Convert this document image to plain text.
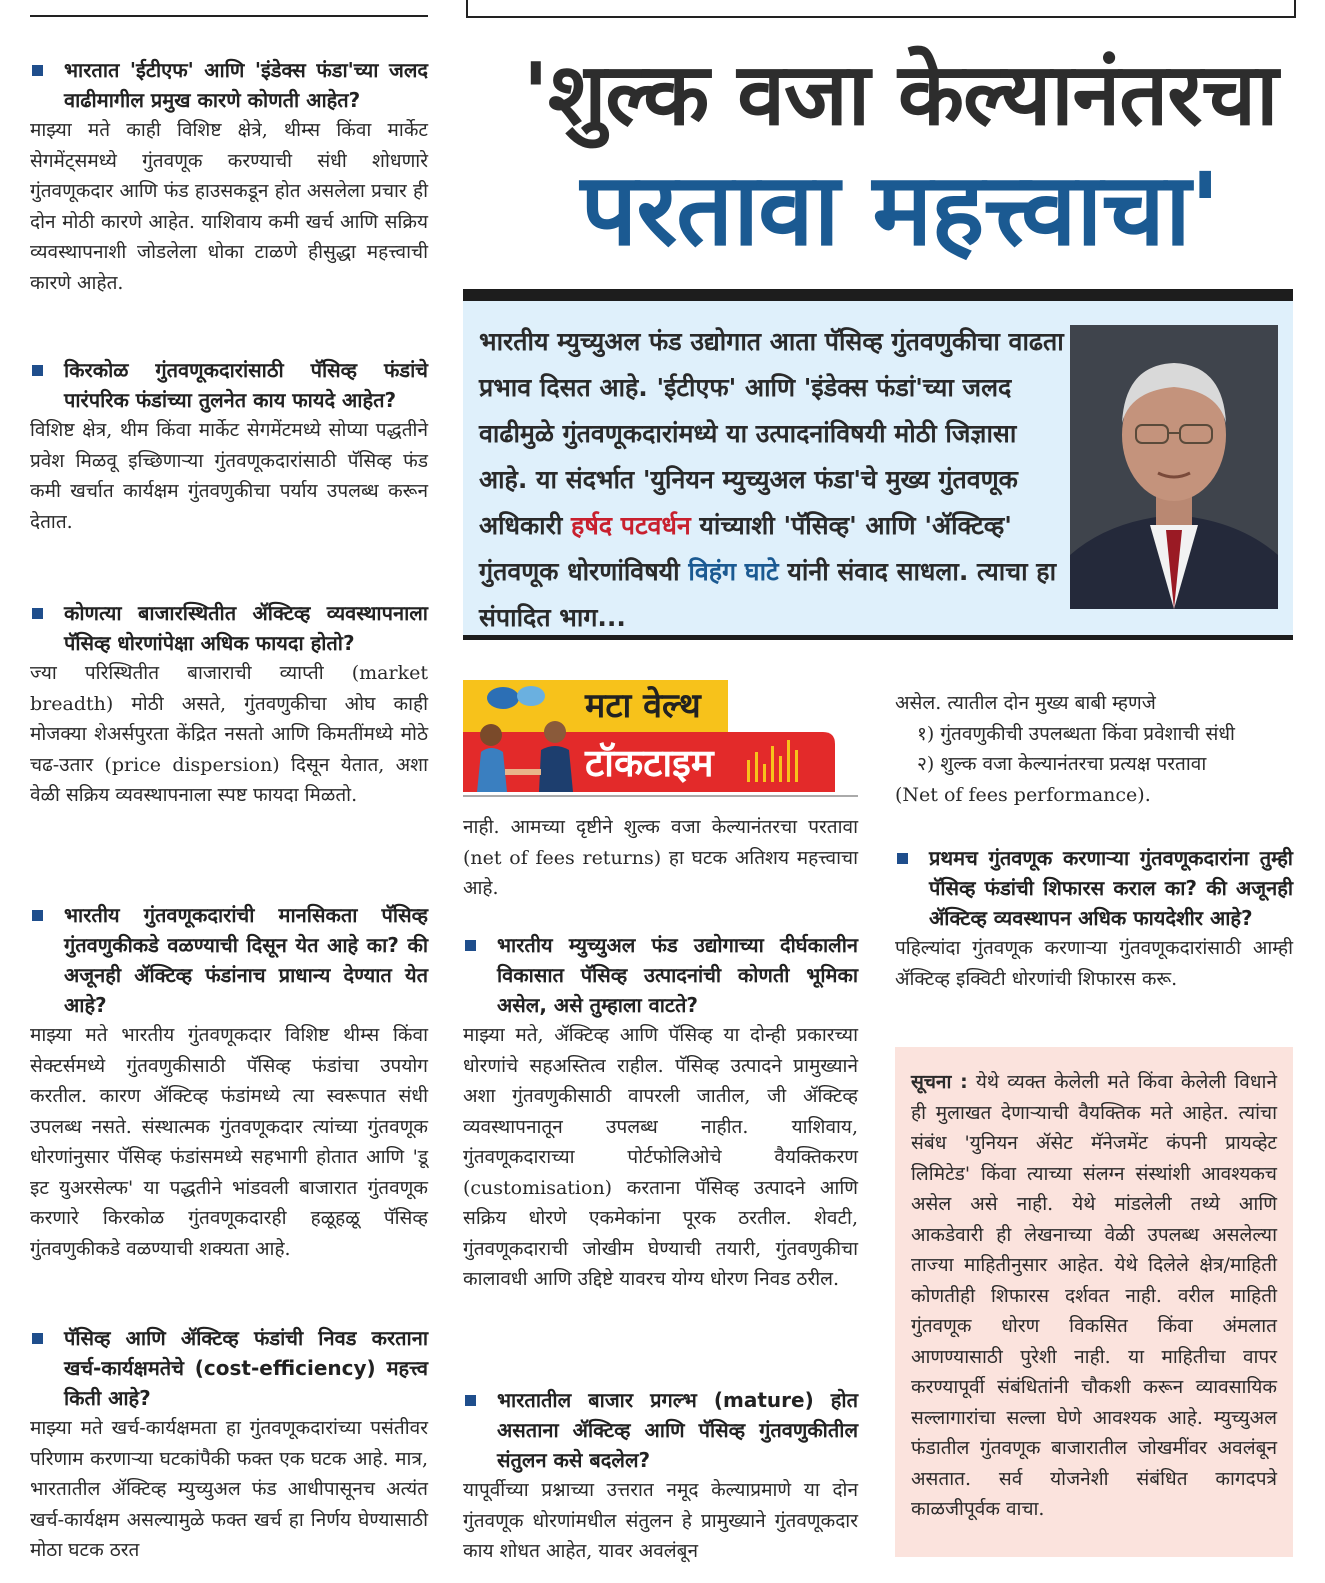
भारतात 'ईटीएफ' आणि 'इंडेक्स फंडा'च्या जलद वाढीमागील प्रमुख कारणे कोणती आहेत?
माझ्या मते काही विशिष्ट क्षेत्रे, थीम्स किंवा मार्केट सेगमेंट्समध्ये गुंतवणूक करण्याची संधी शोधणारे गुंतवणूकदार आणि फंड हाउसकडून होत असलेला प्रचार ही दोन मोठी कारणे आहेत. याशिवाय कमी खर्च आणि सक्रिय व्यवस्थापनाशी जोडलेला धोका टाळणे हीसुद्धा महत्त्वाची कारणे आहेत.
किरकोळ गुंतवणूकदारांसाठी पॅसिव्ह फंडांचे पारंपरिक फंडांच्या तुलनेत काय फायदे आहेत?
विशिष्ट क्षेत्र, थीम किंवा मार्केट सेगमेंटमध्ये सोप्या पद्धतीने प्रवेश मिळवू इच्छिणाऱ्या गुंतवणूकदारांसाठी पॅसिव्ह फंड कमी खर्चात कार्यक्षम गुंतवणुकीचा पर्याय उपलब्ध करून देतात.
कोणत्या बाजारस्थितीत ॲक्टिव्ह व्यवस्थापनाला पॅसिव्ह धोरणांपेक्षा अधिक फायदा होतो?
ज्या परिस्थितीत बाजाराची व्याप्ती (market breadth) मोठी असते, गुंतवणुकीचा ओघ काही मोजक्या शेअर्सपुरता केंद्रित नसतो आणि किमतींमध्ये मोठे चढ-उतार (price dispersion) दिसून येतात, अशा वेळी सक्रिय व्यवस्थापनाला स्पष्ट फायदा मिळतो.
भारतीय गुंतवणूकदारांची मानसिकता पॅसिव्ह गुंतवणुकीकडे वळण्याची दिसून येत आहे का? की अजूनही ॲक्टिव्ह फंडांनाच प्राधान्य देण्यात येत आहे?
माझ्या मते भारतीय गुंतवणूकदार विशिष्ट थीम्स किंवा सेक्टर्समध्ये गुंतवणुकीसाठी पॅसिव्ह फंडांचा उपयोग करतील. कारण ॲक्टिव्ह फंडांमध्ये त्या स्वरूपात संधी उपलब्ध नसते. संस्थात्मक गुंतवणूकदार त्यांच्या गुंतवणूक धोरणांनुसार पॅसिव्ह फंडांसमध्ये सहभागी होतात आणि 'डू इट युअरसेल्फ' या पद्धतीने भांडवली बाजारात गुंतवणूक करणारे किरकोळ गुंतवणूकदारही हळूहळू पॅसिव्ह गुंतवणुकीकडे वळण्याची शक्यता आहे.
पॅसिव्ह आणि ॲक्टिव्ह फंडांची निवड करताना खर्च-कार्यक्षमतेचे (cost-efficiency) महत्त्व किती आहे?
माझ्या मते खर्च-कार्यक्षमता हा गुंतवणूकदारांच्या पसंतीवर परिणाम करणाऱ्या घटकांपैकी फक्त एक घटक आहे. मात्र, भारतातील ॲक्टिव्ह म्युच्युअल फंड आधीपासूनच अत्यंत खर्च-कार्यक्षम असल्यामुळे फक्त खर्च हा निर्णय घेण्यासाठी मोठा घटक ठरत
'शुल्क वजा केल्यानंतरचा
परतावा महत्त्वाचा'
भारतीय म्युच्युअल फंड उद्योगात आता पॅसिव्ह गुंतवणुकीचा वाढता प्रभाव दिसत आहे. 'ईटीएफ' आणि 'इंडेक्स फंडां'च्या जलद वाढीमुळे गुंतवणूकदारांमध्ये या उत्पादनांविषयी मोठी जिज्ञासा आहे. या संदर्भात 'युनियन म्युच्युअल फंडा'चे मुख्य गुंतवणूक अधिकारी हर्षद पटवर्धन यांच्याशी 'पॅसिव्ह' आणि 'ॲक्टिव्ह' गुंतवणूक धोरणांविषयी विहंग घाटे यांनी संवाद साधला. त्याचा हा संपादित भाग...
मटा वेल्थ
टॉकटाइम
नाही. आमच्या दृष्टीने शुल्क वजा केल्यानंतरचा परतावा (net of fees returns) हा घटक अतिशय महत्त्वाचा आहे.
भारतीय म्युच्युअल फंड उद्योगाच्या दीर्घकालीन विकासात पॅसिव्ह उत्पादनांची कोणती भूमिका असेल, असे तुम्हाला वाटते?
माझ्या मते, ॲक्टिव्ह आणि पॅसिव्ह या दोन्ही प्रकारच्या धोरणांचे सहअस्तित्व राहील. पॅसिव्ह उत्पादने प्रामुख्याने अशा गुंतवणुकीसाठी वापरली जातील, जी ॲक्टिव्ह व्यवस्थापनातून उपलब्ध नाहीत. याशिवाय, गुंतवणूकदाराच्या पोर्टफोलिओचे वैयक्तिकरण (customisation) करताना पॅसिव्ह उत्पादने आणि सक्रिय धोरणे एकमेकांना पूरक ठरतील. शेवटी, गुंतवणूकदाराची जोखीम घेण्याची तयारी, गुंतवणुकीचा कालावधी आणि उद्दिष्टे यावरच योग्य धोरण निवड ठरील.
भारतातील बाजार प्रगल्भ (mature) होत असताना ॲक्टिव्ह आणि पॅसिव्ह गुंतवणुकीतील संतुलन कसे बदलेल?
यापूर्वीच्या प्रश्नाच्या उत्तरात नमूद केल्याप्रमाणे या दोन गुंतवणूक धोरणांमधील संतुलन हे प्रामुख्याने गुंतवणूकदार काय शोधत आहेत, यावर अवलंबून
असेल. त्यातील दोन मुख्य बाबी म्हणजे
१) गुंतवणुकीची उपलब्धता किंवा प्रवेशाची संधी
२) शुल्क वजा केल्यानंतरचा प्रत्यक्ष परतावा
(Net of fees performance).
प्रथमच गुंतवणूक करणाऱ्या गुंतवणूकदारांना तुम्ही पॅसिव्ह फंडांची शिफारस कराल का? की अजूनही ॲक्टिव्ह व्यवस्थापन अधिक फायदेशीर आहे?
पहिल्यांदा गुंतवणूक करणाऱ्या गुंतवणूकदारांसाठी आम्ही ॲक्टिव्ह इक्विटी धोरणांची शिफारस करू.
सूचना : येथे व्यक्त केलेली मते किंवा केलेली विधाने ही मुलाखत देणाऱ्याची वैयक्तिक मते आहेत. त्यांचा संबंध 'युनियन ॲसेट मॅनेजमेंट कंपनी प्रायव्हेट लिमिटेड' किंवा त्याच्या संलग्न संस्थांशी आवश्यकच असेल असे नाही. येथे मांडलेली तथ्ये आणि आकडेवारी ही लेखनाच्या वेळी उपलब्ध असलेल्या ताज्या माहितीनुसार आहेत. येथे दिलेले क्षेत्र/माहिती कोणतीही शिफारस दर्शवत नाही. वरील माहिती गुंतवणूक धोरण विकसित किंवा अंमलात आणण्यासाठी पुरेशी नाही. या माहितीचा वापर करण्यापूर्वी संबंधितांनी चौकशी करून व्यावसायिक सल्लागारांचा सल्ला घेणे आवश्यक आहे. म्युच्युअल फंडातील गुंतवणूक बाजारातील जोखमींवर अवलंबून असतात. सर्व योजनेशी संबंधित कागदपत्रे काळजीपूर्वक वाचा.
